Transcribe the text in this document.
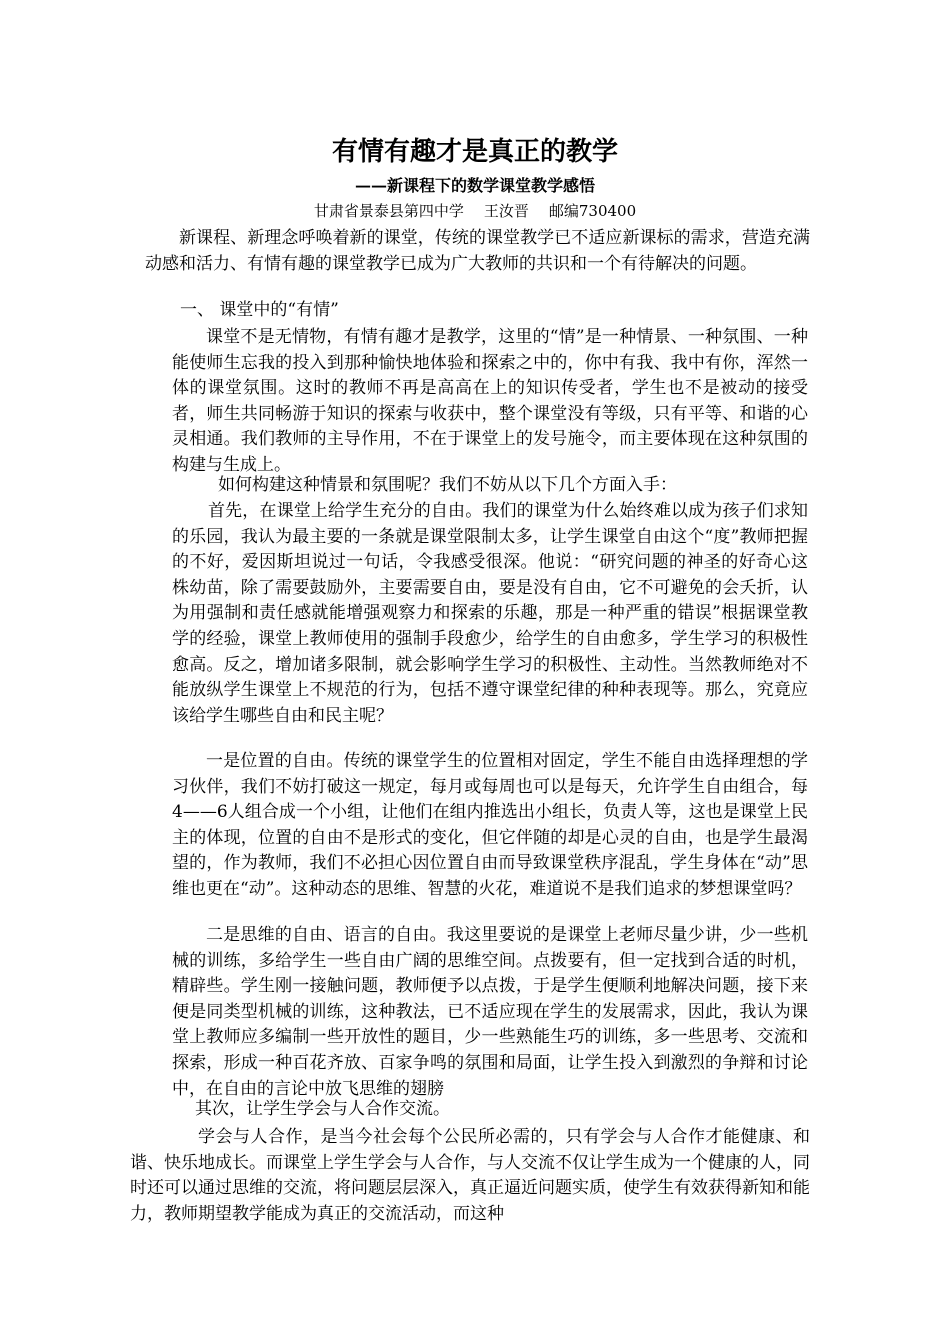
有情有趣才是真正的教学
——新课程下的数学课堂教学感悟
甘肃省景泰县第四中学 王汝晋 邮编730400

新课程、新理念呼唤着新的课堂，传统的课堂教学已不适应新课标的需求，营造充满动感和活力、有情有趣的课堂教学已成为广大教师的共识和一个有待解决的问题。

一、 课堂中的“有情”

课堂不是无情物，有情有趣才是教学，这里的“情”是一种情景、一种氛围、一种能使师生忘我的投入到那种愉快地体验和探索之中的，你中有我、我中有你，浑然一体的课堂氛围。这时的教师不再是高高在上的知识传受者，学生也不是被动的接受者，师生共同畅游于知识的探索与收获中，整个课堂没有等级，只有平等、和谐的心灵相通。我们教师的主导作用，不在于课堂上的发号施令，而主要体现在这种氛围的构建与生成上。

如何构建这种情景和氛围呢？我们不妨从以下几个方面入手：

首先，在课堂上给学生充分的自由。我们的课堂为什么始终难以成为孩子们求知的乐园，我认为最主要的一条就是课堂限制太多，让学生课堂自由这个“度”教师把握的不好，爱因斯坦说过一句话，令我感受很深。他说：“研究问题的神圣的好奇心这株幼苗，除了需要鼓励外，主要需要自由，要是没有自由，它不可避免的会夭折，认为用强制和责任感就能增强观察力和探索的乐趣，那是一种严重的错误”根据课堂教学的经验，课堂上教师使用的强制手段愈少，给学生的自由愈多，学生学习的积极性愈高。反之，增加诸多限制，就会影响学生学习的积极性、主动性。当然教师绝对不能放纵学生课堂上不规范的行为，包括不遵守课堂纪律的种种表现等。那么，究竟应该给学生哪些自由和民主呢？

一是位置的自由。传统的课堂学生的位置相对固定，学生不能自由选择理想的学习伙伴，我们不妨打破这一规定，每月或每周也可以是每天，允许学生自由组合，每4——6人组合成一个小组，让他们在组内推选出小组长，负责人等，这也是课堂上民主的体现，位置的自由不是形式的变化，但它伴随的却是心灵的自由，也是学生最渴望的，作为教师，我们不必担心因位置自由而导致课堂秩序混乱，学生身体在“动”思维也更在“动”。这种动态的思维、智慧的火花，难道说不是我们追求的梦想课堂吗？

二是思维的自由、语言的自由。我这里要说的是课堂上老师尽量少讲，少一些机械的训练，多给学生一些自由广阔的思维空间。点拨要有，但一定找到合适的时机，精辟些。学生刚一接触问题，教师便予以点拨，于是学生便顺利地解决问题，接下来便是同类型机械的训练，这种教法，已不适应现在学生的发展需求，因此，我认为课堂上教师应多编制一些开放性的题目，少一些熟能生巧的训练，多一些思考、交流和探索，形成一种百花齐放、百家争鸣的氛围和局面，让学生投入到激烈的争辩和讨论中，在自由的言论中放飞思维的翅膀

其次，让学生学会与人合作交流。

学会与人合作，是当今社会每个公民所必需的，只有学会与人合作才能健康、和谐、快乐地成长。而课堂上学生学会与人合作，与人交流不仅让学生成为一个健康的人，同时还可以通过思维的交流，将问题层层深入，真正逼近问题实质，使学生有效获得新知和能力，教师期望教学能成为真正的交流活动，而这种
